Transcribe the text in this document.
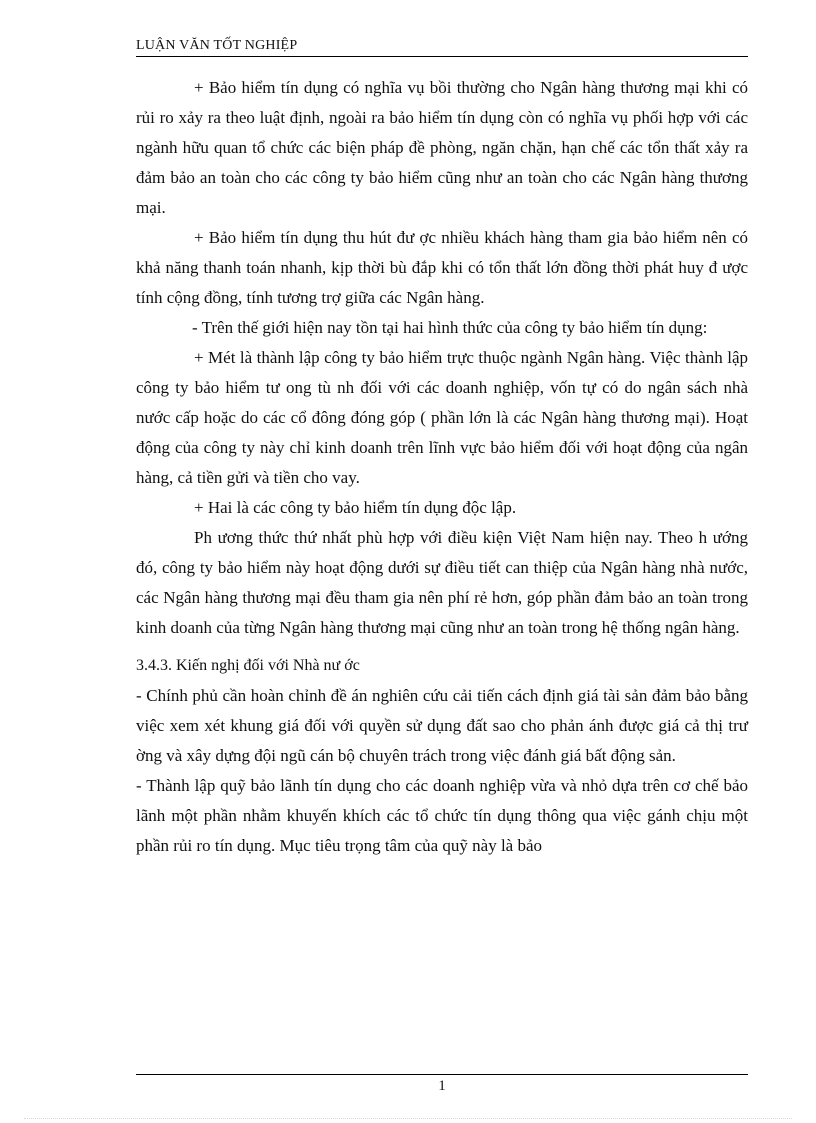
LUẬN VĂN TỐT NGHIỆP

+ Bảo hiểm tín dụng có nghĩa vụ bồi thường cho Ngân hàng thương mại khi có rủi ro xảy ra theo luật định, ngoài ra bảo hiểm tín dụng còn có nghĩa vụ phối hợp với các ngành hữu quan tổ chức các biện pháp đề phòng, ngăn chặn, hạn chế các tổn thất xảy ra đảm bảo an toàn cho các công ty bảo hiểm cũng như an toàn cho các Ngân hàng thương mại.

+ Bảo hiểm tín dụng thu hút đư ợc nhiều khách hàng tham gia bảo hiểm nên có khả năng thanh toán nhanh, kịp thời bù đắp khi có tổn thất lớn đồng thời phát huy đ ược tính cộng đồng, tính tương trợ giữa các Ngân hàng.

- Trên thế giới hiện nay tồn tại hai hình thức của công ty bảo hiểm tín dụng:

+ Mét là thành lập công ty bảo hiểm trực thuộc ngành Ngân hàng. Việc thành lập công ty bảo hiểm tư ong tù nh đối với các doanh nghiệp, vốn tự có do ngân sách nhà nước cấp hoặc do các cổ đông đóng góp ( phần lớn là các Ngân hàng thương mại). Hoạt động của công ty này chỉ kinh doanh trên lĩnh vực bảo hiểm đối với hoạt động của ngân hàng, cả tiền gửi và tiền cho vay.

+ Hai là các công ty bảo hiểm tín dụng độc lập.

Ph ương thức thứ nhất phù hợp với điều kiện Việt Nam hiện nay. Theo h ướng đó, công ty bảo hiểm này hoạt động dưới sự điều tiết can thiệp của Ngân hàng nhà nước, các Ngân hàng thương mại đều tham gia nên phí rẻ hơn, góp phần đảm bảo an toàn trong kinh doanh của từng Ngân hàng thương mại cũng như an toàn trong hệ thống ngân hàng.

3.4.3. Kiến nghị đối với Nhà nư ớc

- Chính phủ cần hoàn chỉnh đề án nghiên cứu cải tiến cách định giá tài sản đảm bảo bằng việc xem xét khung giá đối với quyền sử dụng đất sao cho phản ánh được giá cả thị trư ờng và xây dựng đội ngũ cán bộ chuyên trách trong việc đánh giá bất động sản.

- Thành lập quỹ bảo lãnh tín dụng cho các doanh nghiệp vừa và nhỏ dựa trên cơ chế bảo lãnh một phần nhằm khuyến khích các tổ chức tín dụng thông qua việc gánh chịu một phần rủi ro tín dụng. Mục tiêu trọng tâm của quỹ này là bảo

1
